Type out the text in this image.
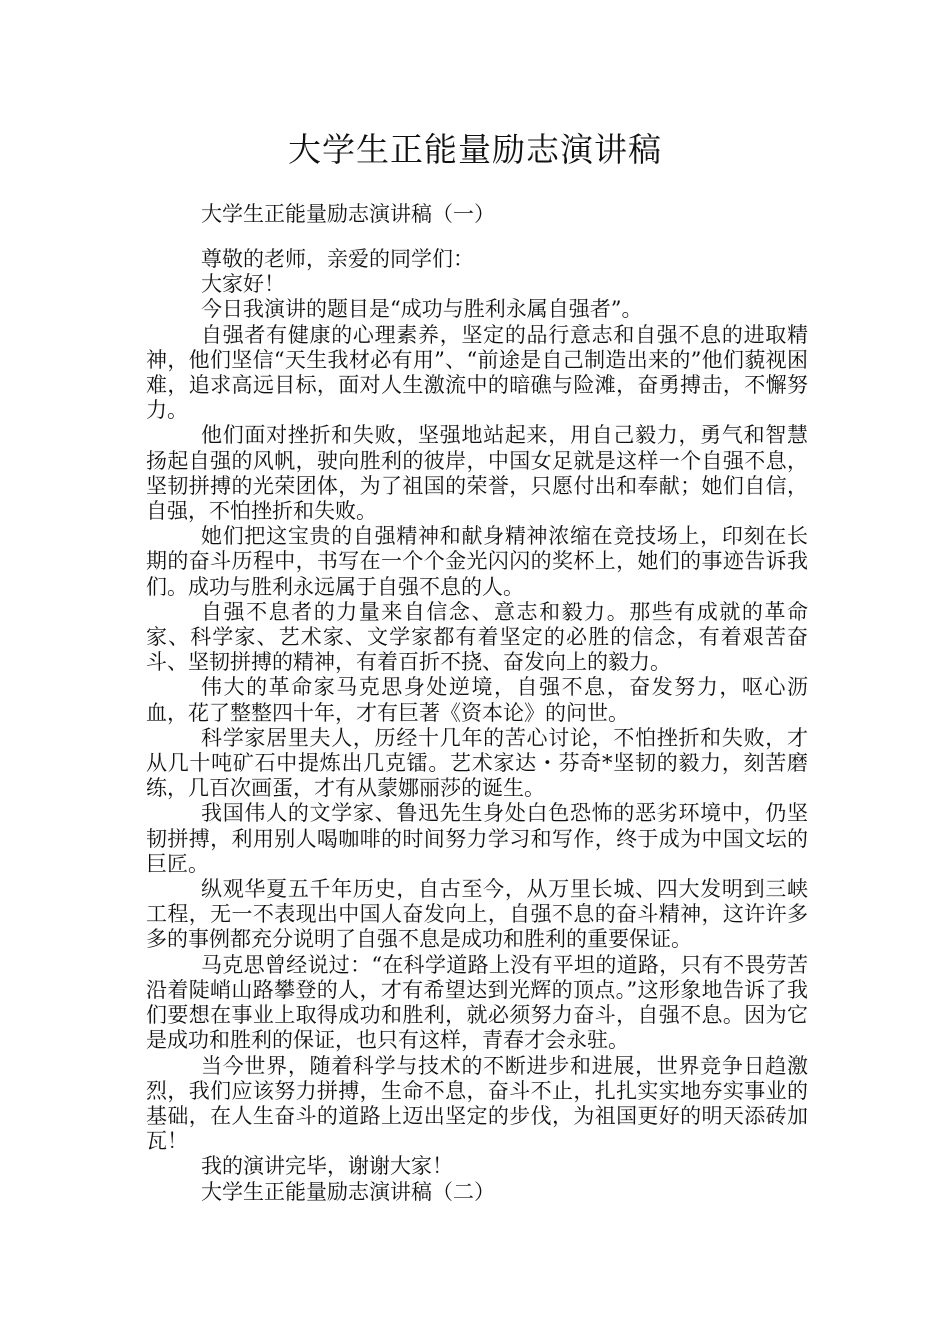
大学生正能量励志演讲稿
大学生正能量励志演讲稿（一）

尊敬的老师，亲爱的同学们：

大家好！

今日我演讲的题目是“成功与胜利永属自强者”。

自强者有健康的心理素养，坚定的品行意志和自强不息的进取精神，他们坚信“天生我材必有用”、“前途是自己制造出来的”他们藐视困难，追求高远目标，面对人生激流中的暗礁与险滩，奋勇搏击，不懈努力。

他们面对挫折和失败，坚强地站起来，用自己毅力，勇气和智慧扬起自强的风帆，驶向胜利的彼岸，中国女足就是这样一个自强不息，坚韧拼搏的光荣团体，为了祖国的荣誉，只愿付出和奉献；她们自信，自强，不怕挫折和失败。

她们把这宝贵的自强精神和献身精神浓缩在竞技场上，印刻在长期的奋斗历程中，书写在一个个金光闪闪的奖杯上，她们的事迹告诉我们。成功与胜利永远属于自强不息的人。

自强不息者的力量来自信念、意志和毅力。那些有成就的革命家、科学家、艺术家、文学家都有着坚定的必胜的信念，有着艰苦奋斗、坚韧拼搏的精神，有着百折不挠、奋发向上的毅力。

伟大的革命家马克思身处逆境，自强不息，奋发努力，呕心沥血，花了整整四十年，才有巨著《资本论》的问世。

科学家居里夫人，历经十几年的苦心讨论，不怕挫折和失败，才从几十吨矿石中提炼出几克镭。艺术家达・芬奇*坚韧的毅力，刻苦磨练，几百次画蛋，才有从蒙娜丽莎的诞生。

我国伟人的文学家、鲁迅先生身处白色恐怖的恶劣环境中，仍坚韧拼搏，利用别人喝咖啡的时间努力学习和写作，终于成为中国文坛的巨匠。

纵观华夏五千年历史，自古至今，从万里长城、四大发明到三峡工程，无一不表现出中国人奋发向上，自强不息的奋斗精神，这许许多多的事例都充分说明了自强不息是成功和胜利的重要保证。

马克思曾经说过：“在科学道路上没有平坦的道路，只有不畏劳苦沿着陡峭山路攀登的人，才有希望达到光辉的顶点。”这形象地告诉了我们要想在事业上取得成功和胜利，就必须努力奋斗，自强不息。因为它是成功和胜利的保证，也只有这样，青春才会永驻。

当今世界，随着科学与技术的不断进步和进展，世界竞争日趋激烈，我们应该努力拼搏，生命不息，奋斗不止，扎扎实实地夯实事业的基础，在人生奋斗的道路上迈出坚定的步伐，为祖国更好的明天添砖加瓦！

我的演讲完毕，谢谢大家！

大学生正能量励志演讲稿（二）
